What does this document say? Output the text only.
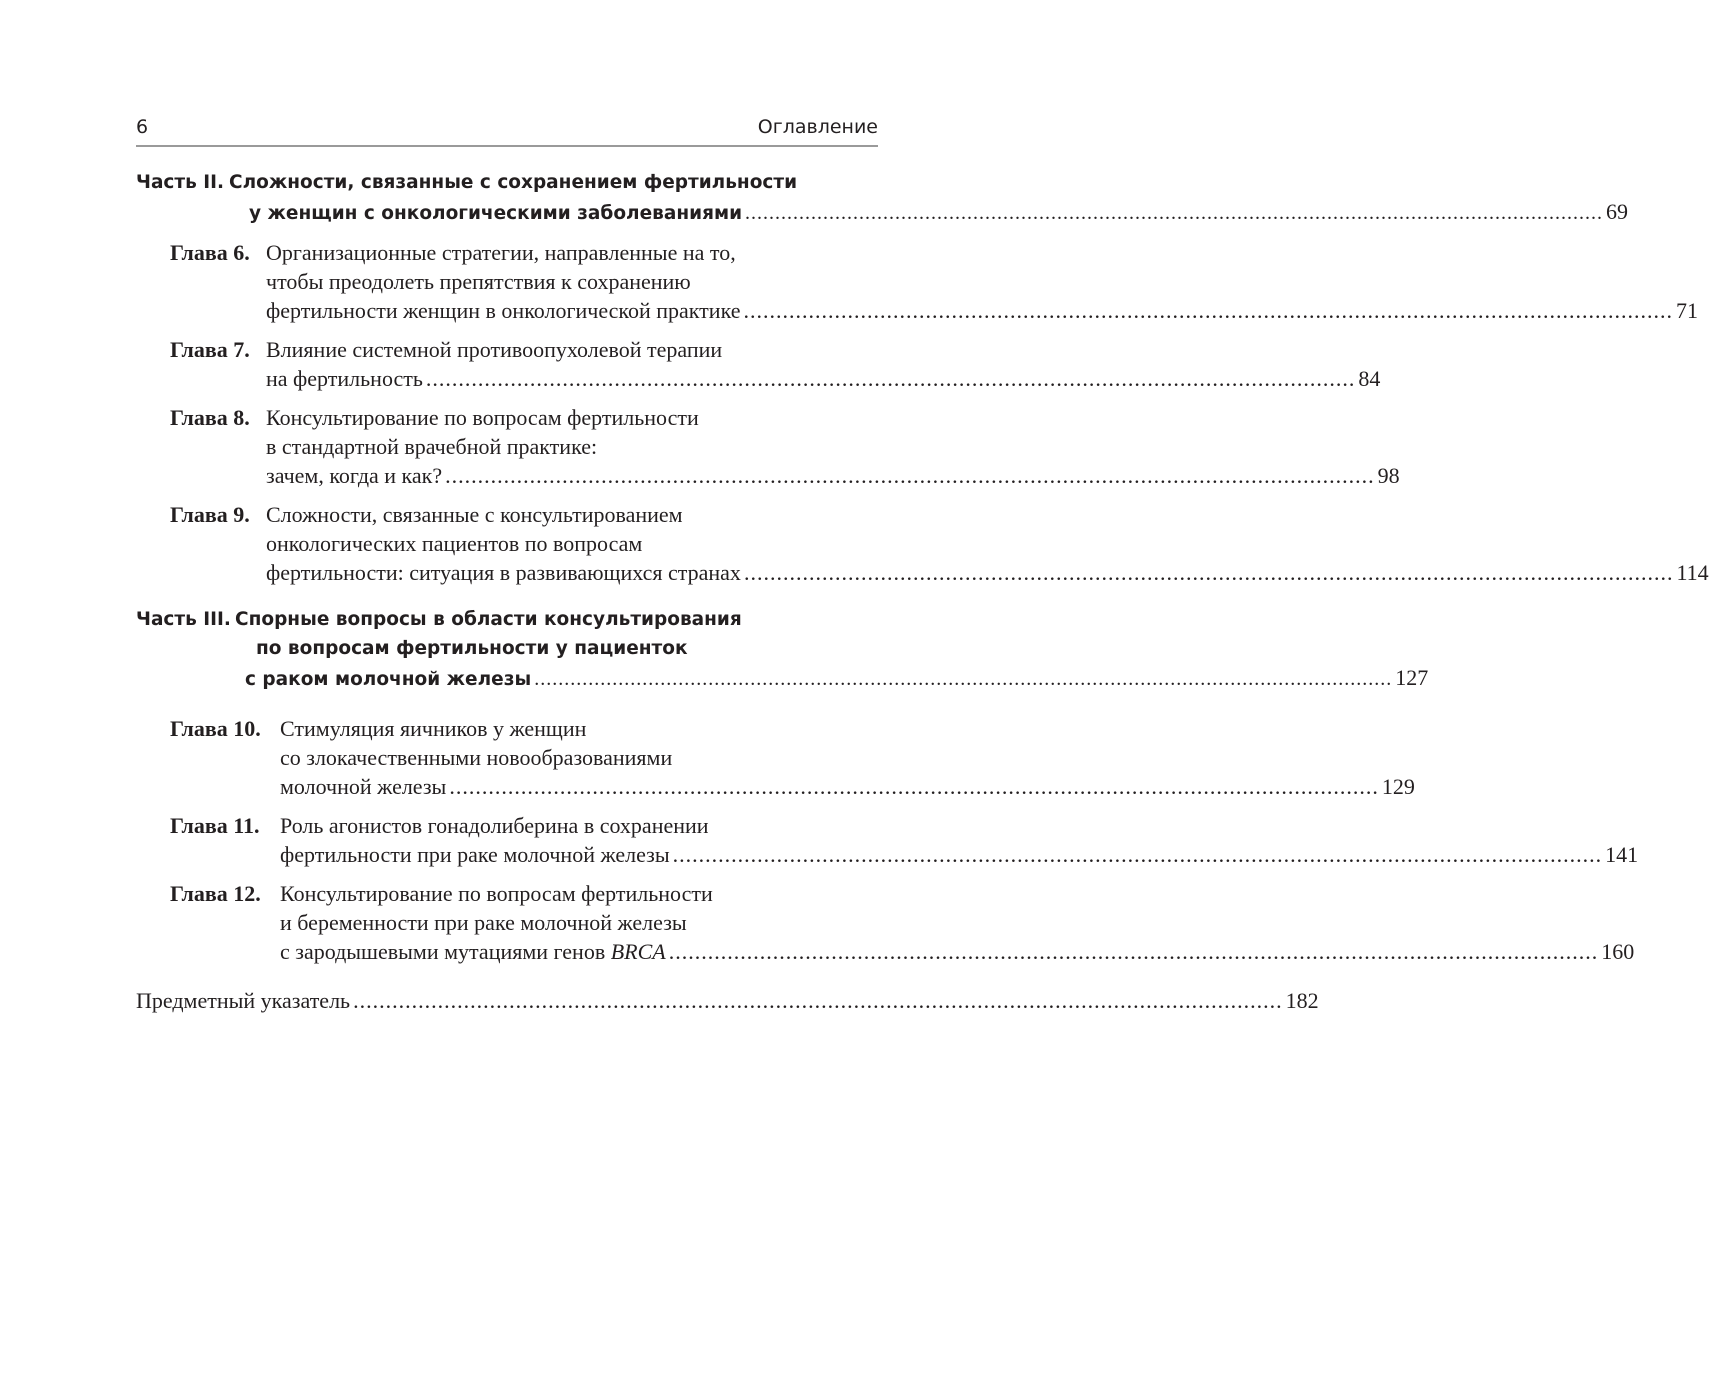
6	Оглавление
Часть II. Сложности, связанные с сохранением фертильности
у женщин с онкологическими заболеваниями ............................................................................................................................................... 69
Глава 6. Организационные стратегии, направленные на то,
чтобы преодолеть препятствия к сохранению
фертильности женщин в онкологической практике ............................................................................................................................................... 71
Глава 7. Влияние системной противоопухолевой терапии
на фертильность ............................................................................................................................................... 84
Глава 8. Консультирование по вопросам фертильности
в стандартной врачебной практике:
зачем, когда и как? ............................................................................................................................................... 98
Глава 9. Сложности, связанные с консультированием
онкологических пациентов по вопросам
фертильности: ситуация в развивающихся странах ............................................................................................................................................... 114
Часть III. Спорные вопросы в области консультирования
по вопросам фертильности у пациенток
с раком молочной железы ............................................................................................................................................... 127
Глава 10. Стимуляция яичников у женщин
со злокачественными новообразованиями
молочной железы ............................................................................................................................................... 129
Глава 11. Роль агонистов гонадолиберина в сохранении
фертильности при раке молочной железы ............................................................................................................................................... 141
Глава 12. Консультирование по вопросам фертильности
и беременности при раке молочной железы
с зародышевыми мутациями генов BRCA ............................................................................................................................................... 160
Предметный указатель ............................................................................................................................................... 182
